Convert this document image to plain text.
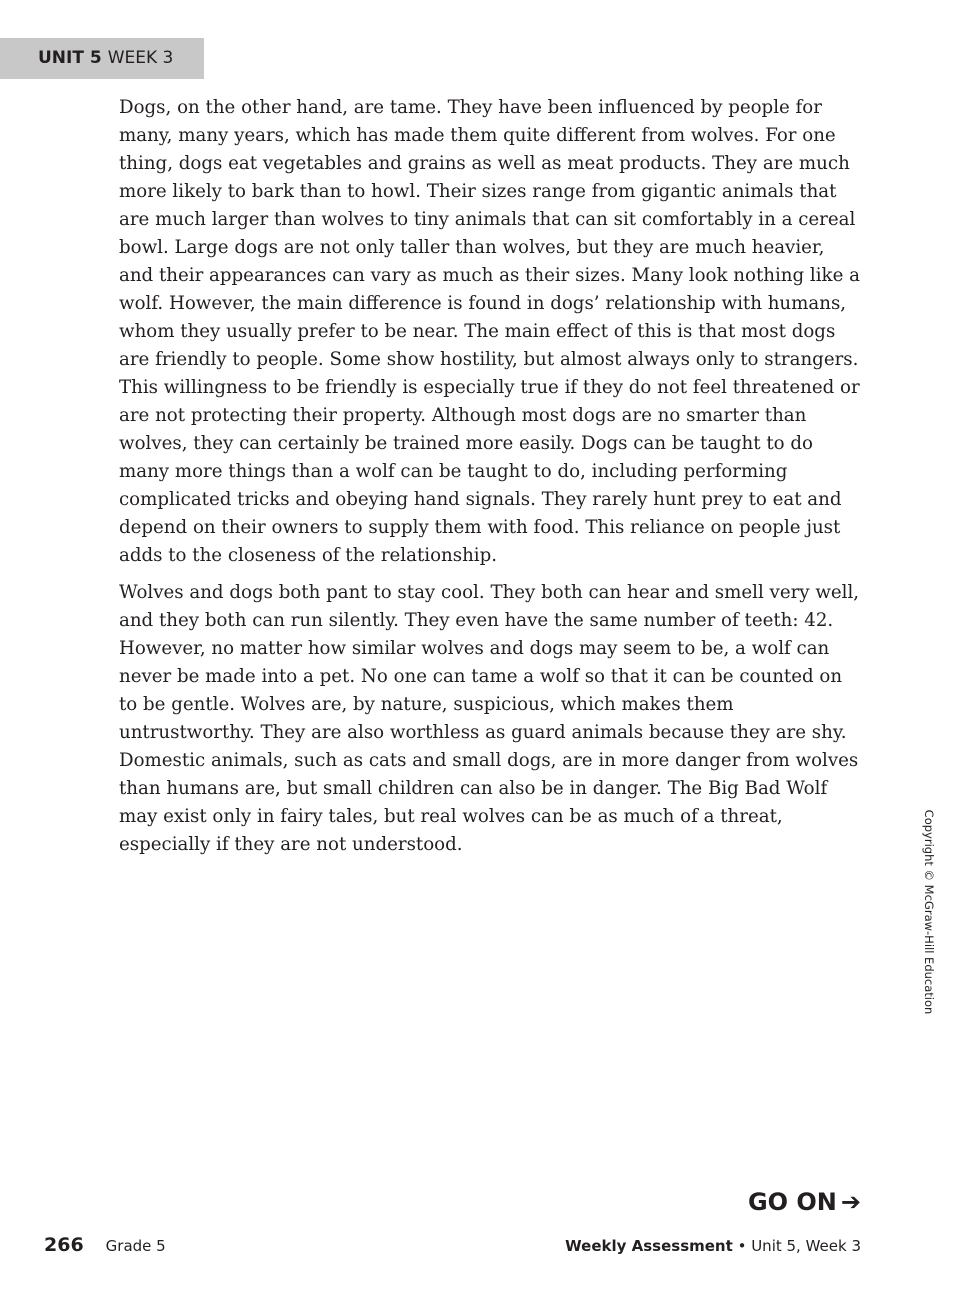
UNIT 5 WEEK 3

Dogs, on the other hand, are tame. They have been influenced by people for many, many years, which has made them quite different from wolves. For one thing, dogs eat vegetables and grains as well as meat products. They are much more likely to bark than to howl. Their sizes range from gigantic animals that are much larger than wolves to tiny animals that can sit comfortably in a cereal bowl. Large dogs are not only taller than wolves, but they are much heavier, and their appearances can vary as much as their sizes. Many look nothing like a wolf. However, the main difference is found in dogs’ relationship with humans, whom they usually prefer to be near. The main effect of this is that most dogs are friendly to people. Some show hostility, but almost always only to strangers. This willingness to be friendly is especially true if they do not feel threatened or are not protecting their property. Although most dogs are no smarter than wolves, they can certainly be trained more easily. Dogs can be taught to do many more things than a wolf can be taught to do, including performing complicated tricks and obeying hand signals. They rarely hunt prey to eat and depend on their owners to supply them with food. This reliance on people just adds to the closeness of the relationship.

Wolves and dogs both pant to stay cool. They both can hear and smell very well, and they both can run silently. They even have the same number of teeth: 42. However, no matter how similar wolves and dogs may seem to be, a wolf can never be made into a pet. No one can tame a wolf so that it can be counted on to be gentle. Wolves are, by nature, suspicious, which makes them untrustworthy. They are also worthless as guard animals because they are shy. Domestic animals, such as cats and small dogs, are in more danger from wolves than humans are, but small children can also be in danger. The Big Bad Wolf may exist only in fairy tales, but real wolves can be as much of a threat, especially if they are not understood.	Copyright © McGraw-Hill Education
GO ON ➔
266 Grade 5	Weekly Assessment • Unit 5, Week 3
